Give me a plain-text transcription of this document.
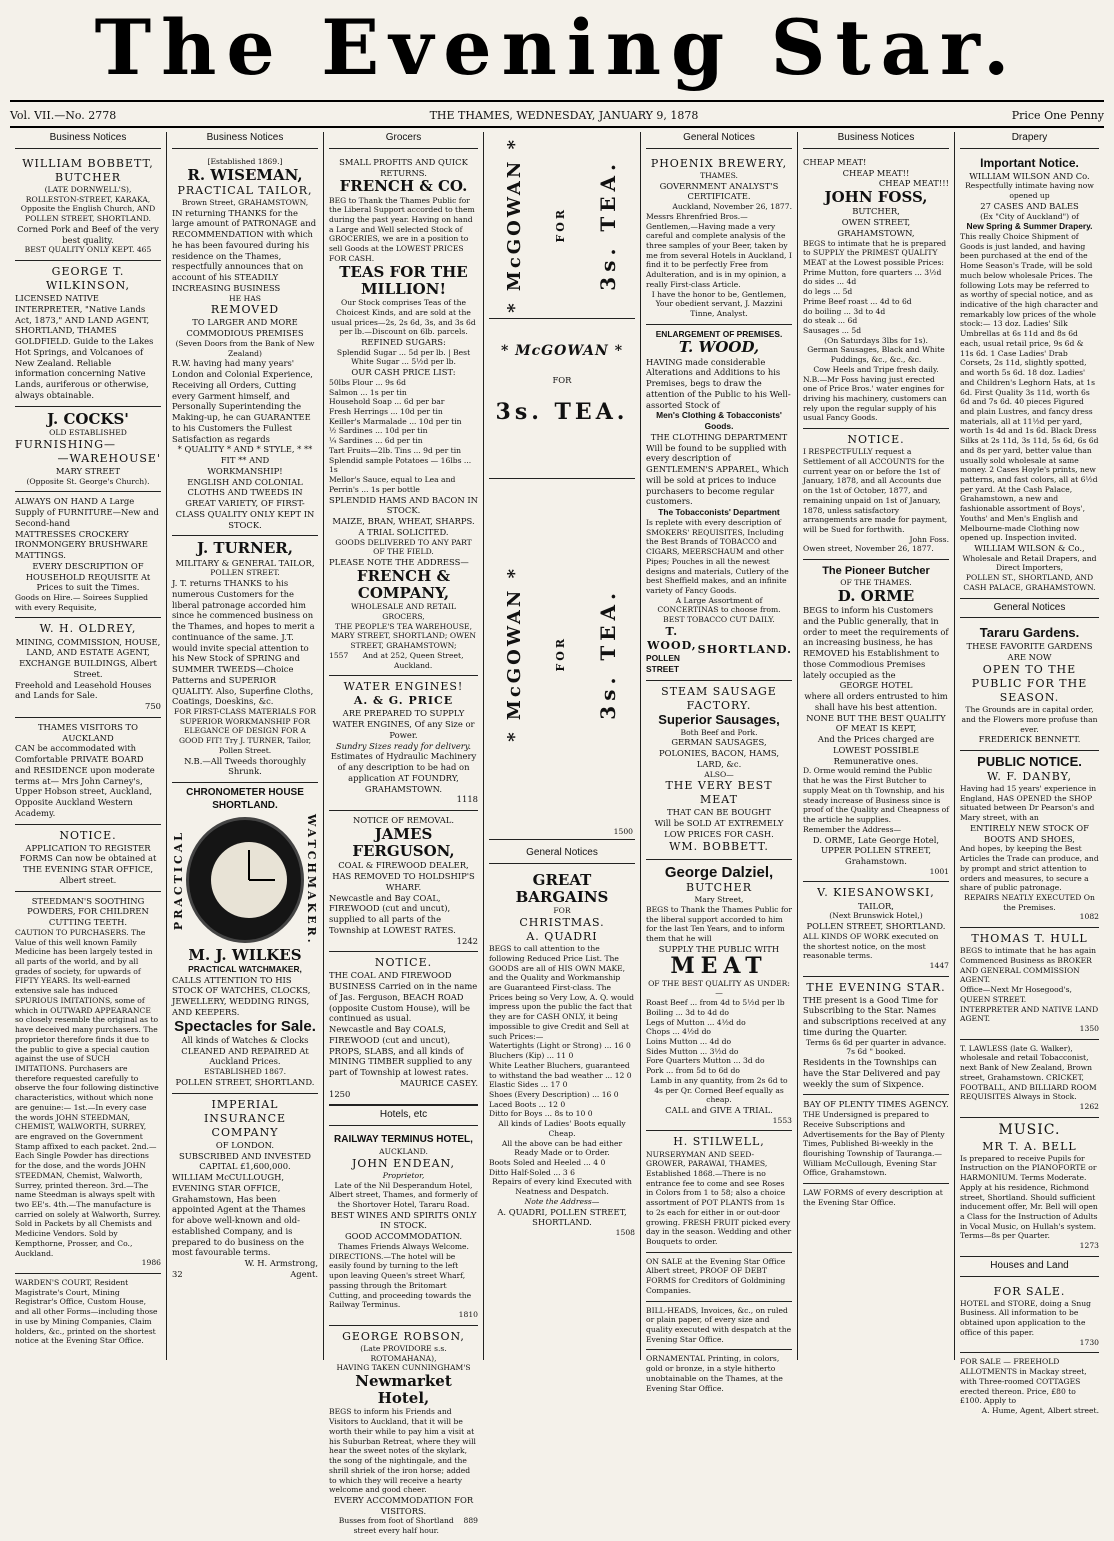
The Evening Star.
Vol. VII.—No. 2778	THE THAMES, WEDNESDAY, JANUARY 9, 1878	Price One Penny
Business Notices
WILLIAM BOBBETT, BUTCHER
(LATE DORNWELL'S),
ROLLESTON-STREET, KARAKA, Opposite the English Church, AND POLLEN STREET, SHORTLAND.
Corned Pork and Beef of the very best quality.
BEST QUALITY ONLY KEPT. 465
GEORGE T. WILKINSON,
LICENSED NATIVE INTERPRETER, "Native Lands Act, 1873," AND LAND AGENT, SHORTLAND, THAMES GOLDFIELD. Guide to the Lakes Hot Springs, and Volcanoes of New Zealand. Reliable information concerning Native Lands, auriferous or otherwise, always obtainable.
J. COCKS'
OLD ESTABLISHED
FURNISHING—
—WAREHOUSE'
MARY STREET
(Opposite St. George's Church).
ALWAYS ON HAND A Large Supply of FURNITURE—New and Second-hand
MATTRESSES CROCKERY IRONMONGERY BRUSHWARE MATTINGS.
EVERY DESCRIPTION OF HOUSEHOLD REQUISITE At Prices to suit the Times.
Goods on Hire.— Soirees Supplied with every Requisite,
W. H. OLDREY,
MINING, COMMISSION, HOUSE, LAND, AND ESTATE AGENT, EXCHANGE BUILDINGS, Albert Street.
Freehold and Leasehold Houses and Lands for Sale.
750
THAMES VISITORS TO AUCKLAND
CAN be accommodated with Comfortable PRIVATE BOARD and RESIDENCE upon moderate terms at— Mrs John Carney's, Upper Hobson street, Auckland, Opposite Auckland Western Academy.
NOTICE.
APPLICATION TO REGISTER FORMS Can now be obtained at THE EVENING STAR OFFICE, Albert street.
STEEDMAN'S SOOTHING POWDERS, FOR CHILDREN CUTTING TEETH.
CAUTION TO PURCHASERS. The Value of this well known Family Medicine has been largely tested in all parts of the world, and by all grades of society, for upwards of FIFTY YEARS. Its well-earned extensive sale has induced SPURIOUS IMITATIONS, some of which in OUTWARD APPEARANCE so closely resemble the original as to have deceived many purchasers. The proprietor therefore finds it due to the public to give a special caution against the use of SUCH IMITATIONS. Purchasers are therefore requested carefully to observe the four following distinctive characteristics, without which none are genuine:— 1st.—In every case the words JOHN STEEDMAN, CHEMIST, WALWORTH, SURREY, are engraved on the Government Stamp affixed to each packet. 2nd.—Each Single Powder has directions for the dose, and the words JOHN STEEDMAN, Chemist, Walworth, Surrey, printed thereon. 3rd.—The name Steedman is always spelt with two EE's. 4th.—The manufacture is carried on solely at Walworth, Surrey. Sold in Packets by all Chemists and Medicine Vendors. Sold by Kempthorne, Prosser, and Co., Auckland.
1986
WARDEN'S COURT, Resident Magistrate's Court, Mining Registrar's Office, Custom House, and all other Forms—including those in use by Mining Companies, Claim holders, &c., printed on the shortest notice at the Evening Star Office.
Business Notices
[Established 1869.]
R. WISEMAN,
PRACTICAL TAILOR,
Brown Street, GRAHAMSTOWN,
IN returning THANKS for the large amount of PATRONAGE and RECOMMENDATION with which he has been favoured during his residence on the Thames, respectfully announces that on account of his STEADILY INCREASING BUSINESS
HE HAS
REMOVED
TO LARGER AND MORE COMMODIOUS PREMISES
(Seven Doors from the Bank of New Zealand)
R.W. having had many years' London and Colonial Experience, Receiving all Orders, Cutting every Garment himself, and Personally Superintending the Making-up, he can GUARANTEE to his Customers the Fullest Satisfaction as regards
* QUALITY * AND * STYLE, * ** FIT ** AND
WORKMANSHIP!
ENGLISH AND COLONIAL CLOTHS AND TWEEDS IN GREAT VARIETY, OF FIRST-CLASS QUALITY ONLY KEPT IN STOCK.
J. TURNER,
MILITARY & GENERAL TAILOR,
POLLEN STREET.
J. T. returns THANKS to his numerous Customers for the liberal patronage accorded him since he commenced business on the Thames, and hopes to merit a continuance of the same. J.T. would invite special attention to his New Stock of SPRING and SUMMER TWEEDS—Choice Patterns and SUPERIOR QUALITY. Also, Superfine Cloths, Coatings, Doeskins, &c.
FOR FIRST-CLASS MATERIALS FOR SUPERIOR WORKMANSHIP FOR ELEGANCE OF DESIGN FOR A GOOD FIT! Try J. TURNER, Tailor, Pollen Street.
N.B.—All Tweeds thoroughly Shrunk.
CHRONOMETER HOUSE SHORTLAND.
PRACTICAL	WATCHMAKER.
M. J. WILKES
PRACTICAL WATCHMAKER,
CALLS ATTENTION TO HIS STOCK OF WATCHES, CLOCKS, JEWELLERY, WEDDING RINGS, AND KEEPERS.
Spectacles for Sale.
All kinds of Watches & Clocks CLEANED AND REPAIRED At Auckland Prices.
ESTABLISHED 1867.
POLLEN STREET, SHORTLAND.
IMPERIAL
INSURANCE COMPANY
OF LONDON.
SUBSCRIBED AND INVESTED CAPITAL £1,600,000.
WILLIAM McCULLOUGH, EVENING STAR OFFICE, Grahamstown, Has been appointed Agent at the Thames for above well-known and old-established Company, and is prepared to do business on the most favourable terms.
W. H. Armstrong,
32	Agent.
Grocers
SMALL PROFITS AND QUICK RETURNS.
FRENCH & CO.
BEG to Thank the Thames Public for the Liberal Support accorded to them during the past year. Having on hand a Large and Well selected Stock of GROCERIES, we are in a position to sell Goods at the LOWEST PRICES FOR CASH.
TEAS FOR THE MILLION!
Our Stock comprises Teas of the Choicest Kinds, and are sold at the usual prices—2s, 2s 6d, 3s, and 3s 6d per lb.—Discount on 6lb. parcels.
REFINED SUGARS:
Splendid Sugar ... 5d per lb. | Best White Sugar ... 5½d per lb.
OUR CASH PRICE LIST:
50lbs Flour ... 9s 6d
Salmon ... 1s per tin
Household Soap ... 6d per bar
Fresh Herrings ... 10d per tin
Keiller's Marmalade ... 10d per tin
½ Sardines ... 10d per tin
¼ Sardines ... 6d per tin
Tart Fruits—2lb. Tins ... 9d per tin
Splendid sample Potatoes — 16lbs ... 1s
Mellor's Sauce, equal to Lea and Perrin's ... 1s per bottle
SPLENDID HAMS AND BACON IN STOCK.
MAIZE, BRAN, WHEAT, SHARPS.
A TRIAL SOLICITED.
GOODS DELIVERED TO ANY PART OF THE FIELD.
PLEASE NOTE THE ADDRESS—
FRENCH & COMPANY,
WHOLESALE AND RETAIL GROCERS,
THE PEOPLE'S TEA WAREHOUSE, MARY STREET, SHORTLAND; OWEN STREET, GRAHAMSTOWN;
1557	And at 252, Queen Street, Auckland.
WATER ENGINES!
A. & G. PRICE
ARE PREPARED TO SUPPLY WATER ENGINES, Of any Size or Power.
Sundry Sizes ready for delivery.
Estimates of Hydraulic Machinery of any description to be had on application AT FOUNDRY, GRAHAMSTOWN.
1118
NOTICE OF REMOVAL.
JAMES FERGUSON,
COAL & FIREWOOD DEALER,
HAS REMOVED TO HOLDSHIP'S WHARF.
Newcastle and Bay COAL, FIREWOOD (cut and uncut), supplied to all parts of the Township at LOWEST RATES.
1242
NOTICE.
THE COAL AND FIREWOOD BUSINESS Carried on in the name of Jas. Ferguson, BEACH ROAD (opposite Custom House), will be continued as usual.
Newcastle and Bay COALS, FIREWOOD (cut and uncut), PROPS, SLABS, and all kinds of MINING TIMBER supplied to any part of Township at lowest rates.
MAURICE CASEY.
1250
Hotels, etc
RAILWAY TERMINUS HOTEL,
AUCKLAND.
JOHN ENDEAN,
Proprietor,
Late of the Nil Desperandum Hotel, Albert street, Thames, and formerly of the Shortover Hotel, Tararu Road.
BEST WINES AND SPIRITS ONLY IN STOCK.
GOOD ACCOMMODATION.
Thames Friends Always Welcome.
DIRECTIONS.—The hotel will be easily found by turning to the left upon leaving Queen's street Wharf, passing through the Britomart Cutting, and proceeding towards the Railway Terminus.
1810
GEORGE ROBSON,
(Late PROVIDORE s.s. ROTOMAHANA),
HAVING TAKEN CUNNINGHAM'S
Newmarket Hotel,
BEGS to inform his Friends and Visitors to Auckland, that it will be worth their while to pay him a visit at his Suburban Retreat, where they will hear the sweet notes of the skylark, the song of the nightingale, and the shrill shriek of the iron horse; added to which they will receive a hearty welcome and good cheer.
EVERY ACCOMMODATION FOR VISITORS.
Busses from foot of Shortland street every half hour.
889
* McGOWAN *	FOR 3s. TEA.
* McGOWAN *
FOR
3s. TEA.
* McGOWAN *	FOR 3s. TEA.
1500
General Notices
GREAT BARGAINS
FOR
CHRISTMAS.
A. QUADRI
BEGS to call attention to the following Reduced Price List. The GOODS are all of HIS OWN MAKE, and the Quality and Workmanship are Guaranteed First-class. The Prices being so Very Low, A. Q. would impress upon the public the fact that they are for CASH ONLY, it being impossible to give Credit and Sell at such Prices:—
Watertights (Light or Strong) ... 16 0
Bluchers (Kip) ... 11 0
White Leather Bluchers, guaranteed to withstand the bad weather ... 12 0
Elastic Sides ... 17 0
Shoes (Every Description) ... 16 0
Laced Boots ... 12 0
Ditto for Boys ... 8s to 10 0
All kinds of Ladies' Boots equally Cheap.
All the above can be had either Ready Made or to Order.
Boots Soled and Heeled ... 4 0
Ditto Half-Soled ... 3 6
Repairs of every kind Executed with Neatness and Despatch.
Note the Address—
A. QUADRI, POLLEN STREET, SHORTLAND.
1508
General Notices
PHOENIX BREWERY,
THAMES.
GOVERNMENT ANALYST'S CERTIFICATE.
Auckland, November 26, 1877.
Messrs Ehrenfried Bros.—Gentlemen,—Having made a very careful and complete analysis of the three samples of your Beer, taken by me from several Hotels in Auckland, I find it to be perfectly Free from Adulteration, and is in my opinion, a really First-class Article.
I have the honor to be, Gentlemen, Your obedient servant, J. Mazzini Tinne, Analyst.
ENLARGEMENT OF PREMISES.
T. WOOD,
HAVING made considerable Alterations and Additions to his Premises, begs to draw the attention of the Public to his Well-assorted Stock of
Men's Clothing & Tobacconists' Goods.
THE CLOTHING DEPARTMENT
Will be found to be supplied with every description of GENTLEMEN'S APPAREL, Which will be sold at prices to induce purchasers to become regular customers.
The Tobacconists' Department
Is replete with every description of SMOKERS' REQUISITES, Including the Best Brands of TOBACCO and CIGARS, MEERSCHAUM and other Pipes; Pouches in all the newest designs and materials, Cutlery of the best Sheffield makes, and an infinite variety of Fancy Goods.
A Large Assortment of CONCERTINAS to choose from. BEST TOBACCO CUT DAILY.
T. WOOD,
POLLEN STREET
SHORTLAND.
STEAM SAUSAGE FACTORY.
Superior Sausages,
Both Beef and Pork.
GERMAN SAUSAGES, POLONIES, BACON, HAMS, LARD, &c.
ALSO—
THE VERY BEST MEAT
THAT CAN BE BOUGHT
Will be SOLD AT EXTREMELY LOW PRICES FOR CASH.
WM. BOBBETT.
George Dalziel,
BUTCHER
Mary Street,
BEGS to Thank the Thames Public for the liberal support accorded to him for the last Ten Years, and to inform them that he will
SUPPLY THE PUBLIC WITH
MEAT
OF THE BEST QUALITY AS UNDER:—
Roast Beef ... from 4d to 5½d per lb
Boiling ... 3d to 4d do
Legs of Mutton ... 4½d do
Chops ... 4½d do
Loins Mutton ... 4d do
Sides Mutton ... 3½d do
Fore Quarters Mutton ... 3d do
Pork ... from 5d to 6d do
Lamb in any quantity, from 2s 6d to 4s per Qr. Corned Beef equally as cheap.
CALL and GIVE A TRIAL.
1553
H. STILWELL,
NURSERYMAN AND SEED-GROWER, PARAWAI, THAMES, Established 1868.—There is no entrance fee to come and see Roses in Colors from 1 to 58; also a choice assortment of POT PLANTS from 1s to 2s each for either in or out-door growing. FRESH FRUIT picked every day in the season. Wedding and other Bouquets to order.
ON SALE at the Evening Star Office Albert street, PROOF OF DEBT FORMS for Creditors of Goldmining Companies.
BILL-HEADS, Invoices, &c., on ruled or plain paper, of every size and quality executed with despatch at the Evening Star Office.
ORNAMENTAL Printing, in colors, gold or bronze, in a style hitherto unobtainable on the Thames, at the Evening Star Office.
Business Notices
CHEAP MEAT!
CHEAP MEAT!!
CHEAP MEAT!!!
JOHN FOSS,
BUTCHER,
OWEN STREET, GRAHAMSTOWN,
BEGS to intimate that he is prepared to SUPPLY the PRIMEST QUALITY MEAT at the Lowest possible Prices:
Prime Mutton, fore quarters ... 3½d
do sides ... 4d
do legs ... 5d
Prime Beef roast ... 4d to 6d
do boiling ... 3d to 4d
do steak ... 6d
Sausages ... 5d
(On Saturdays 3lbs for 1s).
German Sausages, Black and White Puddings, &c., &c., &c.
Cow Heels and Tripe fresh daily.
N.B.—Mr Foss having just erected one of Price Bros.' water engines for driving his machinery, customers can rely upon the regular supply of his usual Fancy Goods.
NOTICE.
I RESPECTFULLY request a Settlement of all ACCOUNTS for the current year on or before the 1st of January, 1878, and all Accounts due on the 1st of October, 1877, and remaining unpaid on 1st of January, 1878, unless satisfactory arrangements are made for payment, will be Sued for forthwith.
John Foss.
Owen street, November 26, 1877.
The Pioneer Butcher
OF THE THAMES.
D. ORME
BEGS to inform his Customers and the Public generally, that in order to meet the requirements of an increasing business, he has REMOVED his Establishment to those Commodious Premises lately occupied as the
GEORGE HOTEL
where all orders entrusted to him shall have his best attention.
NONE BUT THE BEST QUALITY OF MEAT IS KEPT,
And the Prices charged are LOWEST POSSIBLE Remunerative ones.
D. Orme would remind the Public that he was the First Butcher to supply Meat on th Township, and his steady increase of Business since is proof of the Quality and Cheapness of the article he supplies.
Remember the Address—
D. ORME, Late George Hotel, UPPER POLLEN STREET, Grahamstown.
1001
V. KIESANOWSKI,
TAILOR,
(Next Brunswick Hotel,)
POLLEN STREET, SHORTLAND.
ALL KINDS OF WORK executed on the shortest notice, on the most reasonable terms.
1447
THE EVENING STAR.
THE present is a Good Time for Subscribing to the Star. Names and subscriptions received at any time during the Quarter.
Terms 6s 6d per quarter in advance.
7s 6d " booked.
Residents in the Townships can have the Star Delivered and pay weekly the sum of Sixpence.
BAY OF PLENTY TIMES AGENCY.
THE Undersigned is prepared to Receive Subscriptions and Advertisements for the Bay of Plenty Times, Published Bi-weekly in the flourishing Township of Tauranga.— William McCullough, Evening Star Office, Grahamstown.
LAW FORMS of every description at the Evening Star Office.
Drapery
Important Notice.
WILLIAM WILSON AND Co.
Respectfully intimate having now opened up
27 CASES AND BALES
(Ex "City of Auckland") of
New Spring & Summer Drapery.
This really Choice Shipment of Goods is just landed, and having been purchased at the end of the Home Season's Trade, will be sold much below wholesale Prices. The following Lots may be referred to as worthy of special notice, and as indicative of the high character and remarkably low prices of the whole stock:— 13 doz. Ladies' Silk Umbrellas at 6s 11d and 8s 6d each, usual retail price, 9s 6d & 11s 6d. 1 Case Ladies' Drab Corsets, 2s 11d, slightly spotted, and worth 5s 6d. 18 doz. Ladies' and Children's Leghorn Hats, at 1s 6d. First Quality 3s 11d, worth 6s 6d and 7s 6d. 40 pieces Figured and plain Lustres, and fancy dress materials, all at 11½d per yard, worth 1s 4d and 1s 6d. Black Dress Silks at 2s 11d, 3s 11d, 5s 6d, 6s 6d and 8s per yard, better value than usually sold wholesale at same money. 2 Cases Hoyle's prints, new patterns, and fast colors, all at 6½d per yard. At the Cash Palace, Grahamstown, a new and fashionable assortment of Boys', Youths' and Men's English and Melbourne-made Clothing now opened up. Inspection invited.
WILLIAM WILSON & Co.,
Wholesale and Retail Drapers, and Direct Importers,
POLLEN ST., SHORTLAND, AND CASH PALACE, GRAHAMSTOWN.
General Notices
Tararu Gardens.
THESE FAVORITE GARDENS ARE NOW
OPEN TO THE PUBLIC FOR THE SEASON.
The Grounds are in capital order, and the Flowers more profuse than ever.
FREDERICK BENNETT.
PUBLIC NOTICE.
W. F. DANBY,
Having had 15 years' experience in England, HAS OPENED the SHOP situated between Dr Pearson's and Mary street, with an
ENTIRELY NEW STOCK OF BOOTS AND SHOES,
And hopes, by keeping the Best Articles the Trade can produce, and by prompt and strict attention to orders and measures, to secure a share of public patronage.
REPAIRS NEATLY EXECUTED On the Premises.
1082
THOMAS T. HULL
BEGS to intimate that he has again Commenced Business as BROKER AND GENERAL COMMISSION AGENT.
Office—Next Mr Hosegood's, QUEEN STREET.
INTERPRETER AND NATIVE LAND AGENT.
1350
T. LAWLESS (late G. Walker), wholesale and retail Tobacconist, next Bank of New Zealand, Brown street, Grahamstown. CRICKET, FOOTBALL, AND BILLIARD ROOM REQUISITES Always in Stock.
1262
MUSIC.
MR T. A. BELL
Is prepared to receive Pupils for Instruction on the PIANOFORTE or HARMONIUM. Terms Moderate. Apply at his residence, Richmond street, Shortland. Should sufficient inducement offer, Mr. Bell will open a Class for the Instruction of Adults in Vocal Music, on Hullah's system. Terms—8s per Quarter.
1273
Houses and Land
FOR SALE.
HOTEL and STORE, doing a Snug Business. All information to be obtained upon application to the office of this paper.
1730
FOR SALE — FREEHOLD ALLOTMENTS in Mackay street, with Three-roomed COTTAGES erected thereon. Price, £80 to £100. Apply to
A. Hume, Agent, Albert street.
